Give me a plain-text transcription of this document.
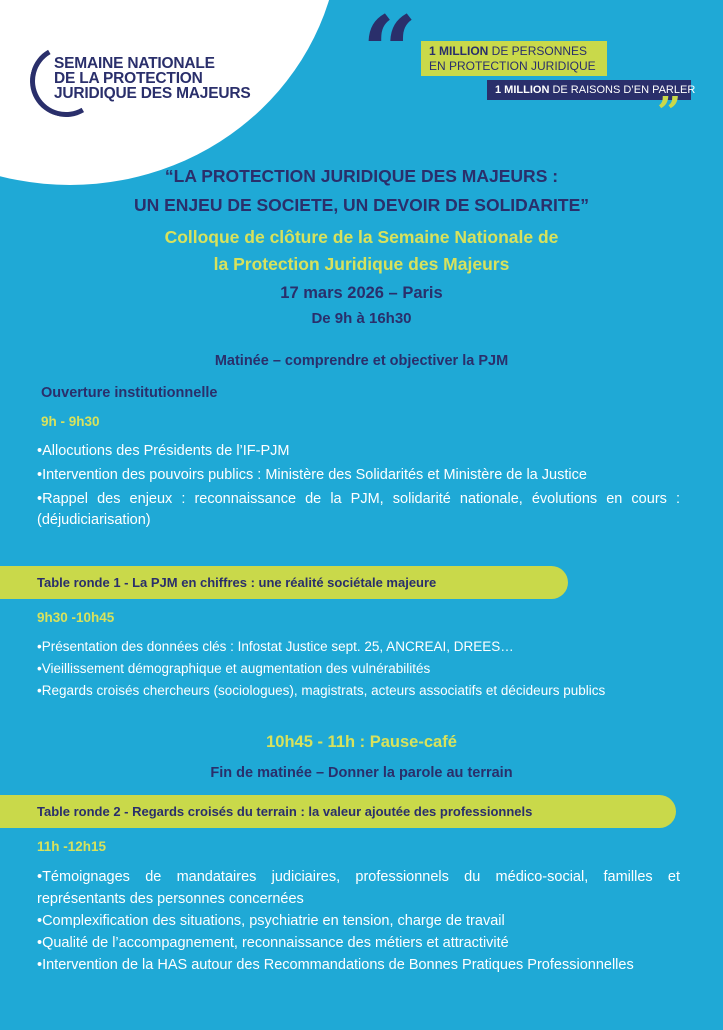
SEMAINE NATIONALE
DE LA PROTECTION
JURIDIQUE DES MAJEURS “ 1 MILLION DE PERSONNES
EN PROTECTION JURIDIQUE
1 MILLION DE RAISONS D’EN PARLER
”
“LA PROTECTION JURIDIQUE DES MAJEURS :
UN ENJEU DE SOCIETE, UN DEVOIR DE SOLIDARITE”
Colloque de clôture de la Semaine Nationale de
la Protection Juridique des Majeurs
17 mars 2026 – Paris
De 9h à 16h30
Matinée – comprendre et objectiver la PJM
Ouverture institutionnelle
9h - 9h30
•Allocutions des Présidents de l’IF-PJM
•Intervention des pouvoirs publics : Ministère des Solidarités et Ministère de la Justice
•Rappel des enjeux : reconnaissance de la PJM, solidarité nationale, évolutions en cours : (déjudiciarisation)
Table ronde 1 - La PJM en chiffres : une réalité sociétale majeure
9h30 -10h45
•Présentation des données clés : Infostat Justice sept. 25, ANCREAI, DREES…
•Vieillissement démographique et augmentation des vulnérabilités
•Regards croisés chercheurs (sociologues), magistrats, acteurs associatifs et décideurs publics
10h45 - 11h : Pause-café
Fin de matinée – Donner la parole au terrain
Table ronde 2 - Regards croisés du terrain : la valeur ajoutée des professionnels
11h -12h15
•Témoignages de mandataires judiciaires, professionnels du médico-social, familles et représentants des personnes concernées
•Complexification des situations, psychiatrie en tension, charge de travail
•Qualité de l’accompagnement, reconnaissance des métiers et attractivité
•Intervention de la HAS autour des Recommandations de Bonnes Pratiques Professionnelles
